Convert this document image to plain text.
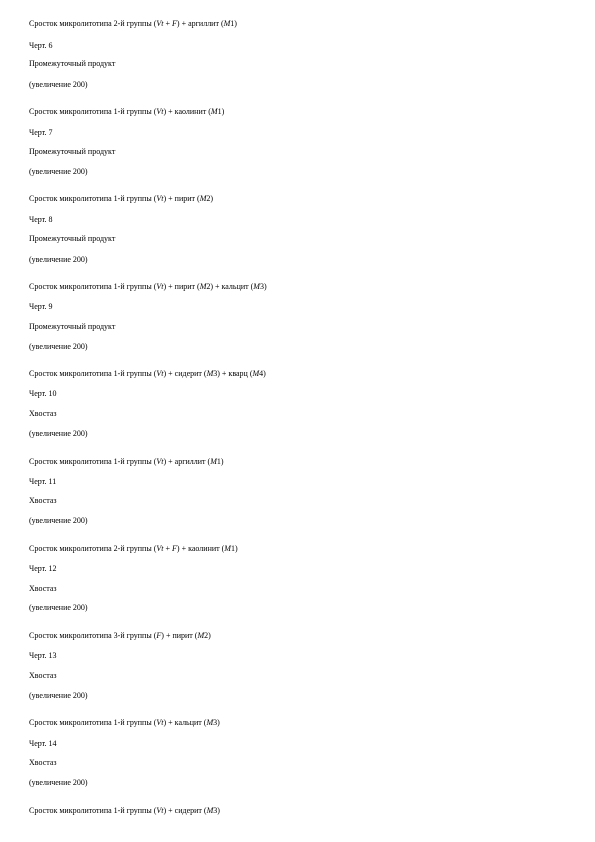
Сросток микролитотипа 2-й группы (Vt + F) + аргиллит (M1)
Черт. 6
Промежуточный продукт
(увеличение 200)
Сросток микролитотипа 1-й группы (Vt) + каолинит (M1)
Черт. 7
Промежуточный продукт
(увеличение 200)
Сросток микролитотипа 1-й группы (Vt) + пирит (M2)
Черт. 8
Промежуточный продукт
(увеличение 200)
Сросток микролитотипа 1-й группы (Vt) + пирит (M2) + кальцит (M3)
Черт. 9
Промежуточный продукт
(увеличение 200)
Сросток микролитотипа 1-й группы (Vt) + сидерит (M3) + кварц (M4)
Черт. 10
Хвостаз
(увеличение 200)
Сросток микролитотипа 1-й группы (Vt) + аргиллит (M1)
Черт. 11
Хвостаз
(увеличение 200)
Сросток микролитотипа 2-й группы (Vt + F) + каолинит (M1)
Черт. 12
Хвостаз
(увеличение 200)
Сросток микролитотипа 3-й группы (F) + пирит (M2)
Черт. 13
Хвостаз
(увеличение 200)
Сросток микролитотипа 1-й группы (Vt) + кальцит (M3)
Черт. 14
Хвостаз
(увеличение 200)
Сросток микролитотипа 1-й группы (Vt) + сидерит (M3)
